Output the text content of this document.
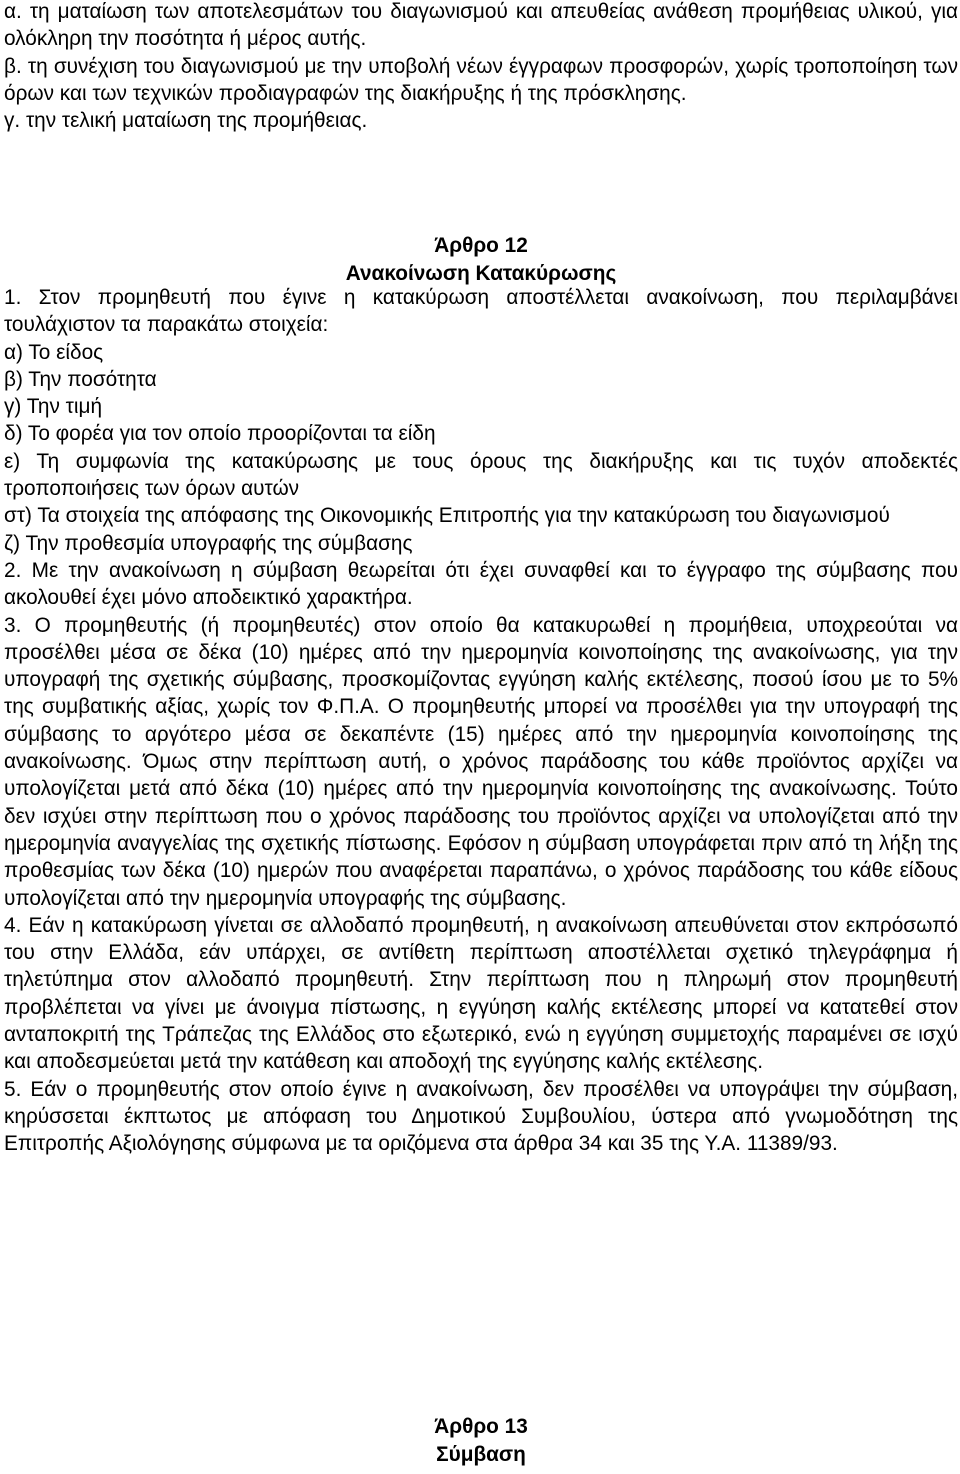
α. τη ματαίωση των αποτελεσμάτων του διαγωνισμού και απευθείας ανάθεση προμήθειας υλικού, για ολόκληρη την ποσότητα ή μέρος αυτής.

β. τη συνέχιση του διαγωνισμού με την υποβολή νέων έγγραφων προσφορών, χωρίς τροποποίηση των όρων και των τεχνικών προδιαγραφών της διακήρυξης ή της πρόσκλησης.

γ. την τελική ματαίωση της προμήθειας.

Άρθρο 12
Ανακοίνωση Κατακύρωσης

1. Στον προμηθευτή που έγινε η κατακύρωση αποστέλλεται ανακοίνωση, που περιλαμβάνει τουλάχιστον τα παρακάτω στοιχεία:

α) Το είδος

β) Την ποσότητα

γ) Την τιμή

δ) Το φορέα για τον οποίο προορίζονται τα είδη

ε) Τη συμφωνία της κατακύρωσης με τους όρους της διακήρυξης και τις τυχόν αποδεκτές τροποποιήσεις των όρων αυτών

στ) Τα στοιχεία της απόφασης της Οικονομικής Επιτροπής για την κατακύρωση του διαγωνισμού

ζ) Την προθεσμία υπογραφής της σύμβασης

2. Με την ανακοίνωση η σύμβαση θεωρείται ότι έχει συναφθεί και το έγγραφο της σύμβασης που ακολουθεί έχει μόνο αποδεικτικό χαρακτήρα.

3. Ο προμηθευτής (ή προμηθευτές) στον οποίο θα κατακυρωθεί η προμήθεια, υποχρεούται να προσέλθει μέσα σε δέκα (10) ημέρες από την ημερομηνία κοινοποίησης της ανακοίνωσης, για την υπογραφή της σχετικής σύμβασης, προσκομίζοντας εγγύηση καλής εκτέλεσης, ποσού ίσου με το 5% της συμβατικής αξίας, χωρίς τον Φ.Π.Α. Ο προμηθευτής μπορεί να προσέλθει για την υπογραφή της σύμβασης το αργότερο μέσα σε δεκαπέντε (15) ημέρες από την ημερομηνία κοινοποίησης της ανακοίνωσης. Όμως στην περίπτωση αυτή, ο χρόνος παράδοσης του κάθε προϊόντος αρχίζει να υπολογίζεται μετά από δέκα (10) ημέρες από την ημερομηνία κοινοποίησης της ανακοίνωσης. Τούτο δεν ισχύει στην περίπτωση που ο χρόνος παράδοσης του προϊόντος αρχίζει να υπολογίζεται από την ημερομηνία αναγγελίας της σχετικής πίστωσης. Εφόσον η σύμβαση υπογράφεται πριν από τη λήξη της προθεσμίας των δέκα (10) ημερών που αναφέρεται παραπάνω, ο χρόνος παράδοσης του κάθε είδους υπολογίζεται από την ημερομηνία υπογραφής της σύμβασης.

4. Εάν η κατακύρωση γίνεται σε αλλοδαπό προμηθευτή, η ανακοίνωση απευθύνεται στον εκπρόσωπό του στην Ελλάδα, εάν υπάρχει, σε αντίθετη περίπτωση αποστέλλεται σχετικό τηλεγράφημα ή τηλετύπημα στον αλλοδαπό προμηθευτή. Στην περίπτωση που η πληρωμή στον προμηθευτή προβλέπεται να γίνει με άνοιγμα πίστωσης, η εγγύηση καλής εκτέλεσης μπορεί να κατατεθεί στον ανταποκριτή της Τράπεζας της Ελλάδος στο εξωτερικό, ενώ η εγγύηση συμμετοχής παραμένει σε ισχύ και αποδεσμεύεται μετά την κατάθεση και αποδοχή της εγγύησης καλής εκτέλεσης.

5. Εάν ο προμηθευτής στον οποίο έγινε η ανακοίνωση, δεν προσέλθει να υπογράψει την σύμβαση, κηρύσσεται έκπτωτος με απόφαση του Δημοτικού Συμβουλίου, ύστερα από γνωμοδότηση της Επιτροπής Αξιολόγησης σύμφωνα με τα οριζόμενα στα άρθρα 34 και 35 της Υ.Α. 11389/93.

Άρθρο 13
Σύμβαση
